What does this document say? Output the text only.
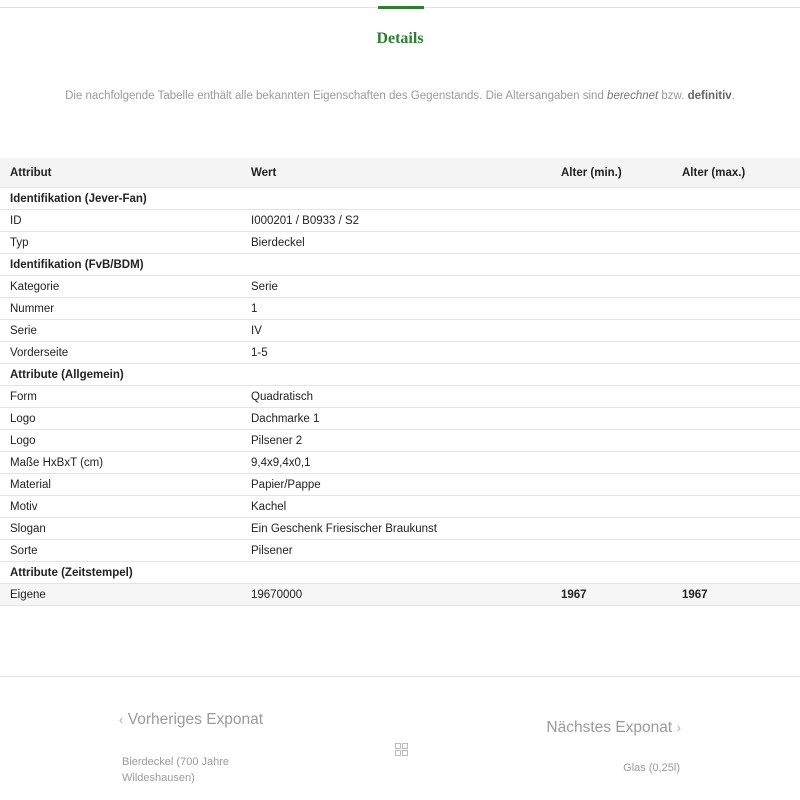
Details
Die nachfolgende Tabelle enthält alle bekannten Eigenschaften des Gegenstands. Die Altersangaben sind berechnet bzw. definitiv.
Attribut	Wert	Alter (min.)	Alter (max.)
Identifikation (Jever-Fan)			
ID	I000201 / B0933 / S2		
Typ	Bierdeckel		
Identifikation (FvB/BDM)			
Kategorie	Serie		
Nummer	1		
Serie	IV		
Vorderseite	1-5		
Attribute (Allgemein)			
Form	Quadratisch		
Logo	Dachmarke 1		
Logo	Pilsener 2		
Maße HxBxT (cm)	9,4x9,4x0,1		
Material	Papier/Pappe		
Motiv	Kachel		
Slogan	Ein Geschenk Friesischer Braukunst		
Sorte	Pilsener		
Attribute (Zeitstempel)			
Eigene	19670000	1967	1967
‹ Vorheriges Exponat
Bierdeckel (700 Jahre Wildeshausen)
Nächstes Exponat ›
Glas (0,25l)
